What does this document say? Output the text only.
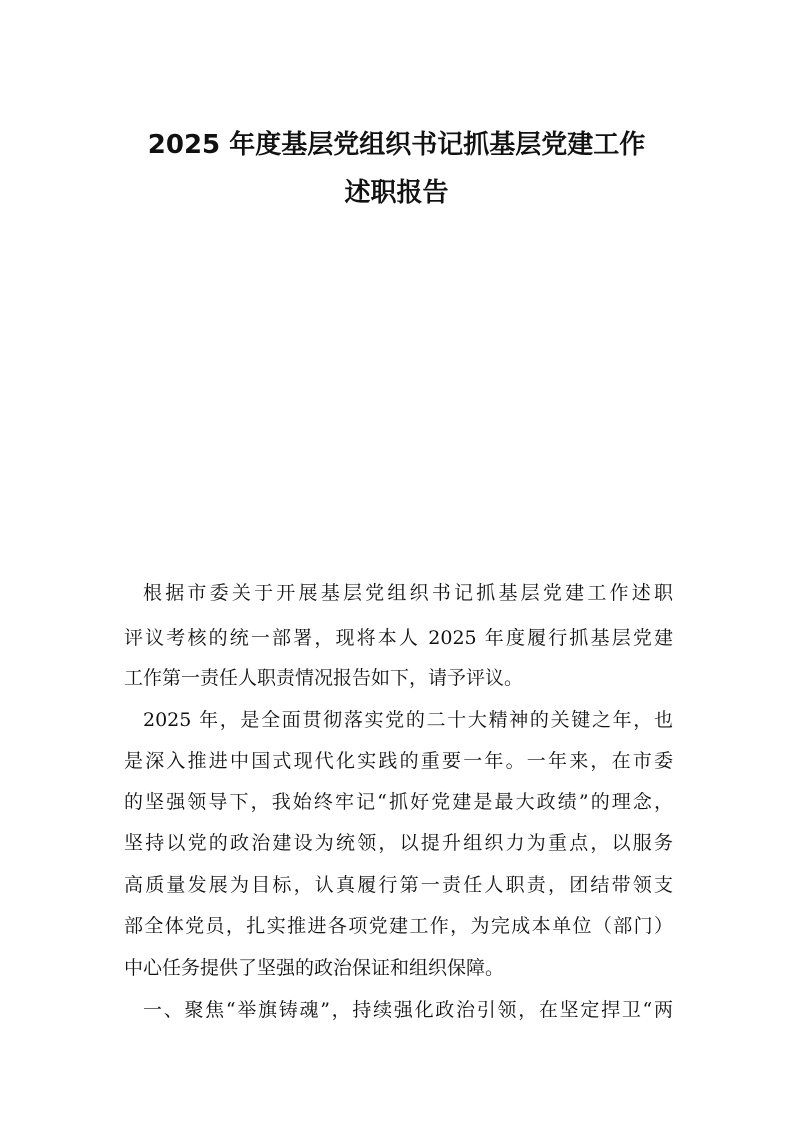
2025 年度基层党组织书记抓基层党建工作
述职报告
根据市委关于开展基层党组织书记抓基层党建工作述职
评议考核的统一部署，现将本人 2025 年度履行抓基层党建
工作第一责任人职责情况报告如下，请予评议。
2025 年，是全面贯彻落实党的二十大精神的关键之年，也
是深入推进中国式现代化实践的重要一年。一年来，在市委
的坚强领导下，我始终牢记“抓好党建是最大政绩”的理念，
坚持以党的政治建设为统领，以提升组织力为重点，以服务
高质量发展为目标，认真履行第一责任人职责，团结带领支
部全体党员，扎实推进各项党建工作，为完成本单位（部门）
中心任务提供了坚强的政治保证和组织保障。
一、聚焦“举旗铸魂”，持续强化政治引领，在坚定捍卫“两
